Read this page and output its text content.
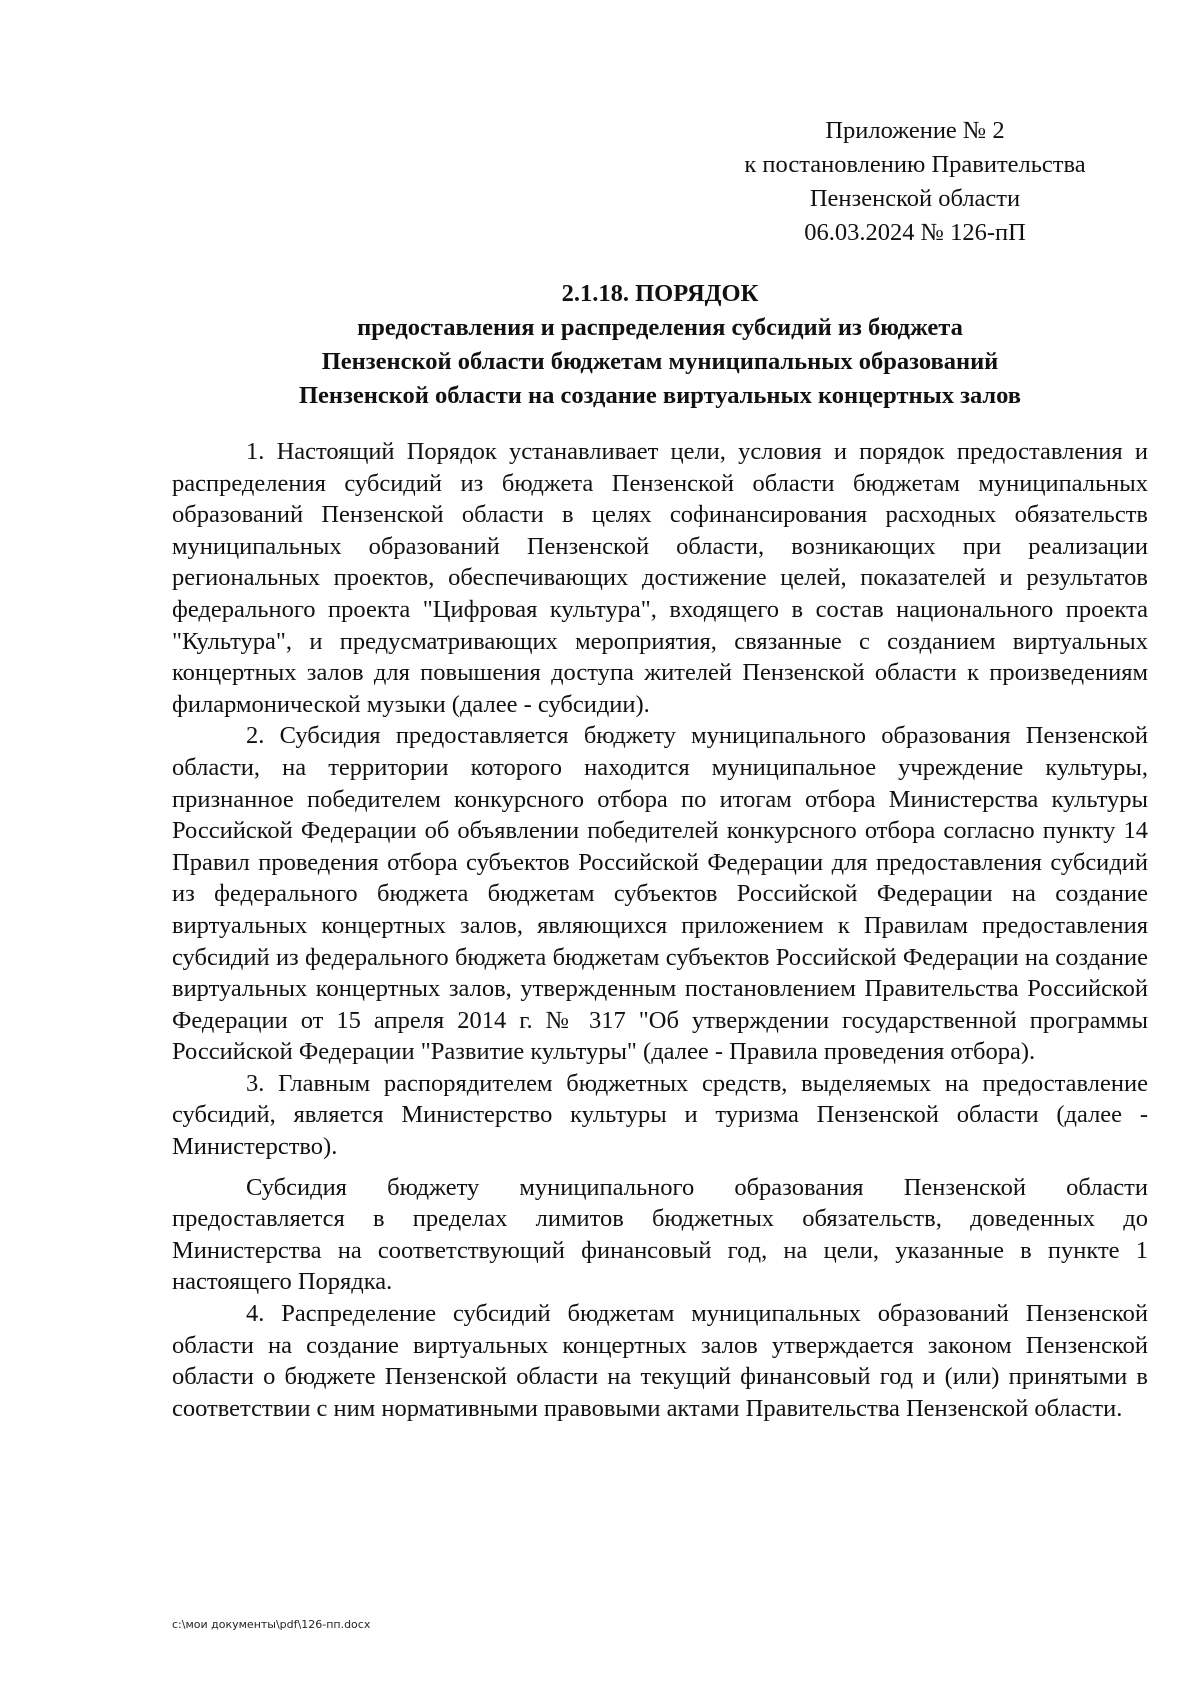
Приложение № 2
к постановлению Правительства
Пензенской области
06.03.2024 № 126-пП
2.1.18. ПОРЯДОК
предоставления и распределения субсидий из бюджета
Пензенской области бюджетам муниципальных образований
Пензенской области на создание виртуальных концертных залов

1. Настоящий Порядок устанавливает цели, условия и порядок предоставления и распределения субсидий из бюджета Пензенской области бюджетам муниципальных образований Пензенской области в целях софинансирования расходных обязательств муниципальных образований Пензенской области, возникающих при реализации региональных проектов, обеспечивающих достижение целей, показателей и результатов федерального проекта "Цифровая культура", входящего в состав национального проекта "Культура", и предусматривающих мероприятия, связанные с созданием виртуальных концертных залов для повышения доступа жителей Пензенской области к произведениям филармонической музыки (далее - субсидии).

2. Субсидия предоставляется бюджету муниципального образования Пензенской области, на территории которого находится муниципальное учреждение культуры, признанное победителем конкурсного отбора по итогам отбора Министерства культуры Российской Федерации об объявлении победителей конкурсного отбора согласно пункту 14 Правил проведения отбора субъектов Российской Федерации для предоставления субсидий из федерального бюджета бюджетам субъектов Российской Федерации на создание виртуальных концертных залов, являющихся приложением к Правилам предоставления субсидий из федерального бюджета бюджетам субъектов Российской Федерации на создание виртуальных концертных залов, утвержденным постановлением Правительства Российской Федерации от 15 апреля 2014 г. № 317 "Об утверждении государственной программы Российской Федерации "Развитие культуры" (далее - Правила проведения отбора).

3. Главным распорядителем бюджетных средств, выделяемых на предоставление субсидий, является Министерство культуры и туризма Пензенской области (далее - Министерство).

Субсидия бюджету муниципального образования Пензенской области предоставляется в пределах лимитов бюджетных обязательств, доведенных до Министерства на соответствующий финансовый год, на цели, указанные в пункте 1 настоящего Порядка.

4. Распределение субсидий бюджетам муниципальных образований Пензенской области на создание виртуальных концертных залов утверждается законом Пензенской области о бюджете Пензенской области на текущий финансовый год и (или) принятыми в соответствии с ним нормативными правовыми актами Правительства Пензенской области.

c:\мои документы\pdf\126-пп.docx
